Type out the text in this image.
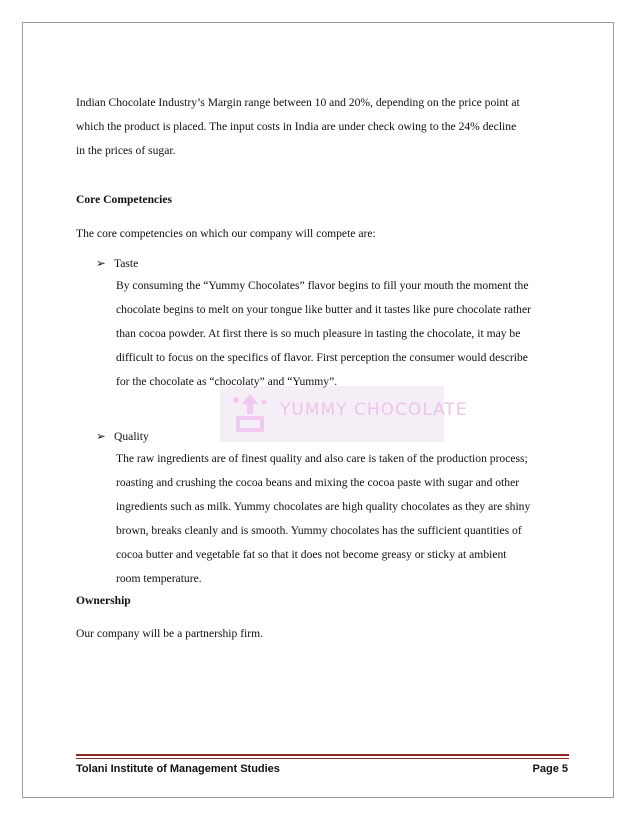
YUMMY CHOCOLATE

Indian Chocolate Industry’s Margin range between 10 and 20%, depending on the price point at

which the product is placed. The input costs in India are under check owing to the 24% decline

in the prices of sugar.

Core Competencies

The core competencies on which our company will compete are:

➢ Taste

By consuming the “Yummy Chocolates” flavor begins to fill your mouth the moment the

chocolate begins to melt on your tongue like butter and it tastes like pure chocolate rather

than cocoa powder. At first there is so much pleasure in tasting the chocolate, it may be

difficult to focus on the specifics of flavor. First perception the consumer would describe

for the chocolate as “chocolaty” and “Yummy”.

➢ Quality

The raw ingredients are of finest quality and also care is taken of the production process;

roasting and crushing the cocoa beans and mixing the cocoa paste with sugar and other

ingredients such as milk. Yummy chocolates are high quality chocolates as they are shiny

brown, breaks cleanly and is smooth. Yummy chocolates has the sufficient quantities of

cocoa butter and vegetable fat so that it does not become greasy or sticky at ambient

room temperature.

Ownership

Our company will be a partnership firm.

Tolani Institute of Management Studies	Page 5
